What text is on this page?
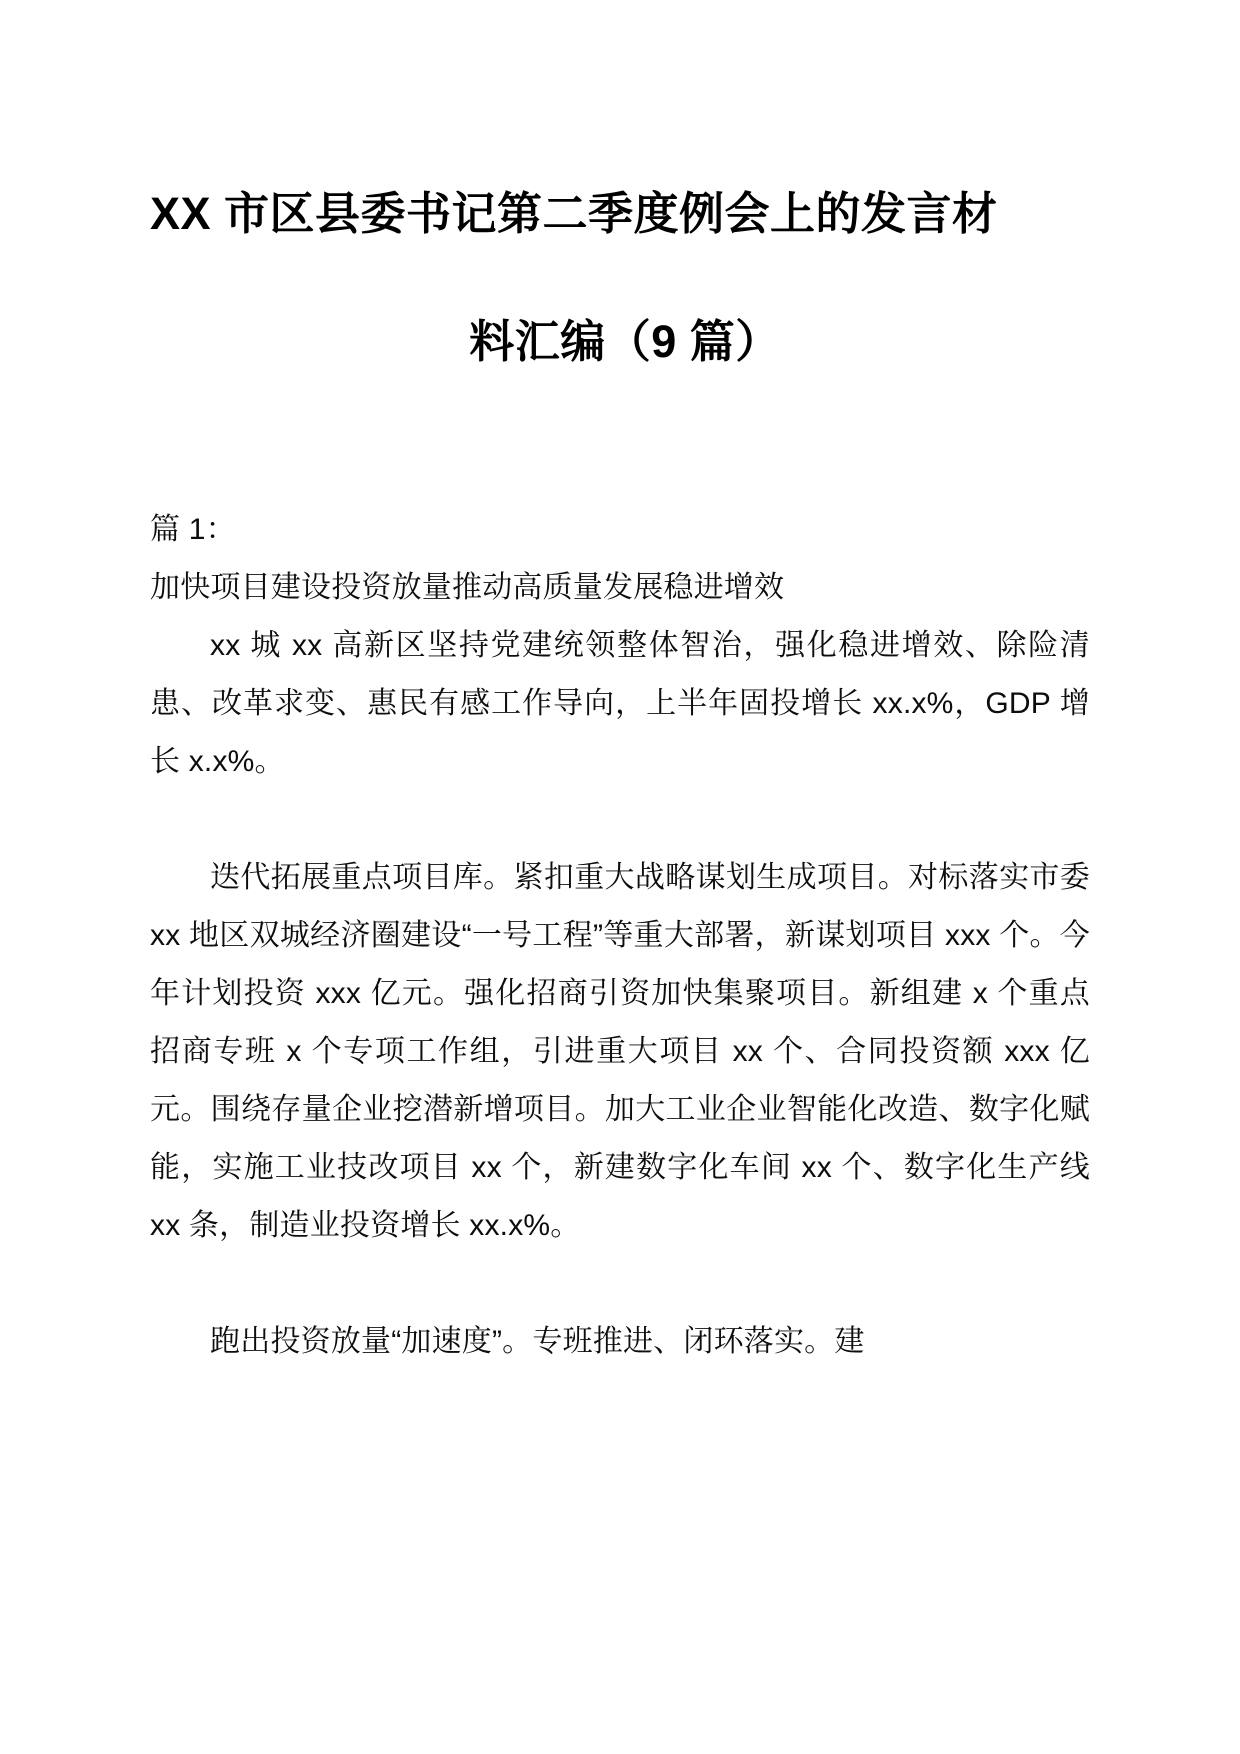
XX 市区县委书记第二季度例会上的发言材
料汇编（9 篇）

篇 1：

加快项目建设投资放量推动高质量发展稳进增效

xx 城 xx 高新区坚持党建统领整体智治，强化稳进增效、除险清患、改革求变、惠民有感工作导向，上半年固投增长 xx.x%，GDP 增长 x.x%。

迭代拓展重点项目库。紧扣重大战略谋划生成项目。对标落实市委 xx 地区双城经济圈建设“一号工程”等重大部署，新谋划项目 xxx 个。今年计划投资 xxx 亿元。强化招商引资加快集聚项目。新组建 x 个重点招商专班 x 个专项工作组，引进重大项目 xx 个、合同投资额 xxx 亿元。围绕存量企业挖潜新增项目。加大工业企业智能化改造、数字化赋能，实施工业技改项目 xx 个，新建数字化车间 xx 个、数字化生产线 xx 条，制造业投资增长 xx.x%。

跑出投资放量“加速度”。专班推进、闭环落实。建
